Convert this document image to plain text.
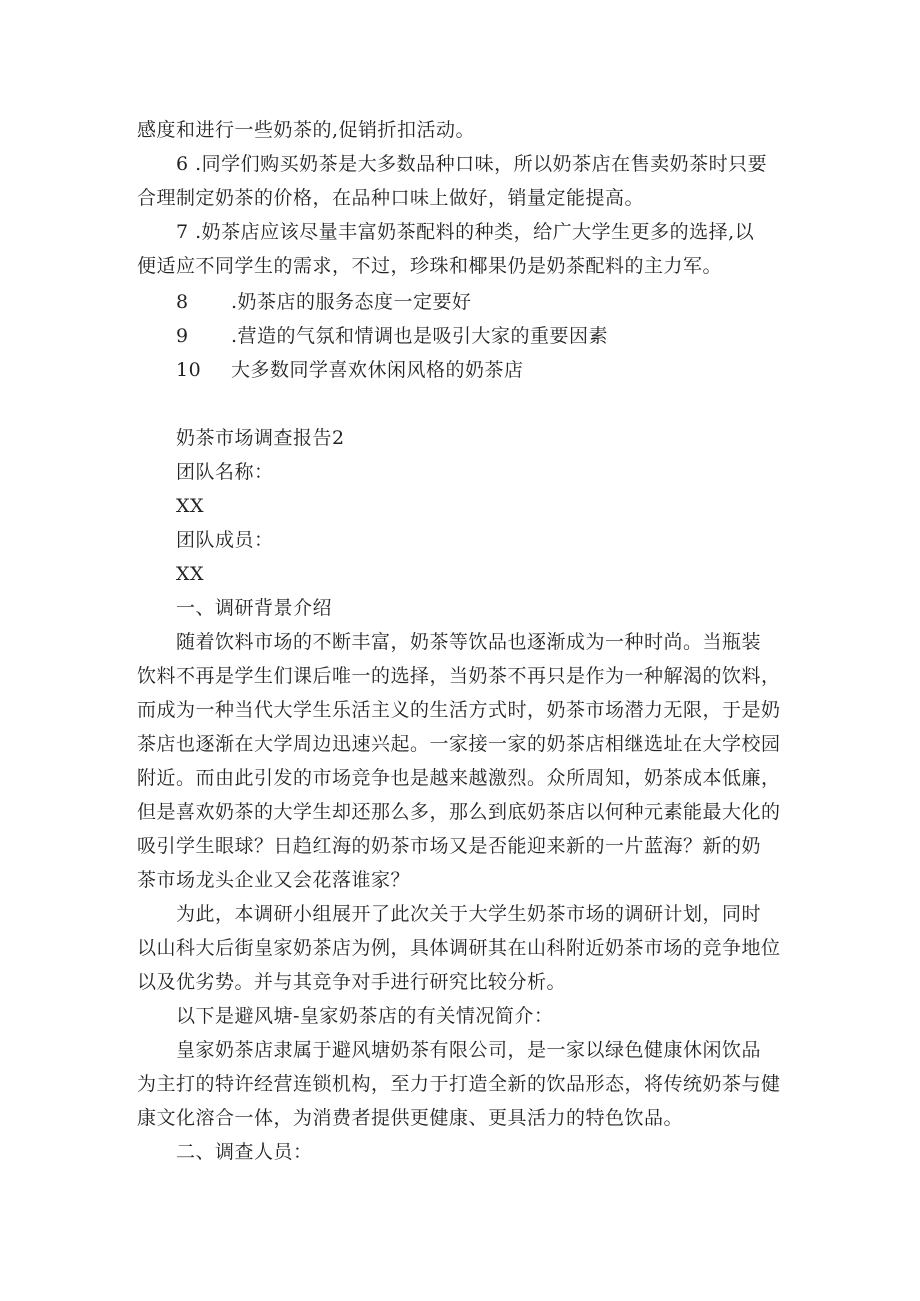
感度和进行一些奶茶的,促销折扣活动。
6 .同学们购买奶茶是大多数品种口味，所以奶茶店在售卖奶茶时只要
合理制定奶茶的价格，在品种口味上做好，销量定能提高。
7 .奶茶店应该尽量丰富奶茶配料的种类，给广大学生更多的选择,以
便适应不同学生的需求，不过，珍珠和椰果仍是奶茶配料的主力军。
8 .奶茶店的服务态度一定要好
9 .营造的气氛和情调也是吸引大家的重要因素
10 大多数同学喜欢休闲风格的奶茶店
奶茶市场调查报告2
团队名称：
XX
团队成员：
XX
一、调研背景介绍
随着饮料市场的不断丰富，奶茶等饮品也逐渐成为一种时尚。当瓶装
饮料不再是学生们课后唯一的选择，当奶茶不再只是作为一种解渴的饮料，
而成为一种当代大学生乐活主义的生活方式时，奶茶市场潜力无限，于是奶
茶店也逐渐在大学周边迅速兴起。一家接一家的奶茶店相继选址在大学校园
附近。而由此引发的市场竞争也是越来越激烈。众所周知，奶茶成本低廉，
但是喜欢奶茶的大学生却还那么多，那么到底奶茶店以何种元素能最大化的
吸引学生眼球？日趋红海的奶茶市场又是否能迎来新的一片蓝海？新的奶
茶市场龙头企业又会花落谁家？
为此，本调研小组展开了此次关于大学生奶茶市场的调研计划，同时
以山科大后街皇家奶茶店为例，具体调研其在山科附近奶茶市场的竞争地位
以及优劣势。并与其竞争对手进行研究比较分析。
以下是避风塘-皇家奶茶店的有关情况简介：
皇家奶茶店隶属于避风塘奶茶有限公司，是一家以绿色健康休闲饮品
为主打的特许经营连锁机构，至力于打造全新的饮品形态，将传统奶茶与健
康文化溶合一体，为消费者提供更健康、更具活力的特色饮品。
二、调查人员：
